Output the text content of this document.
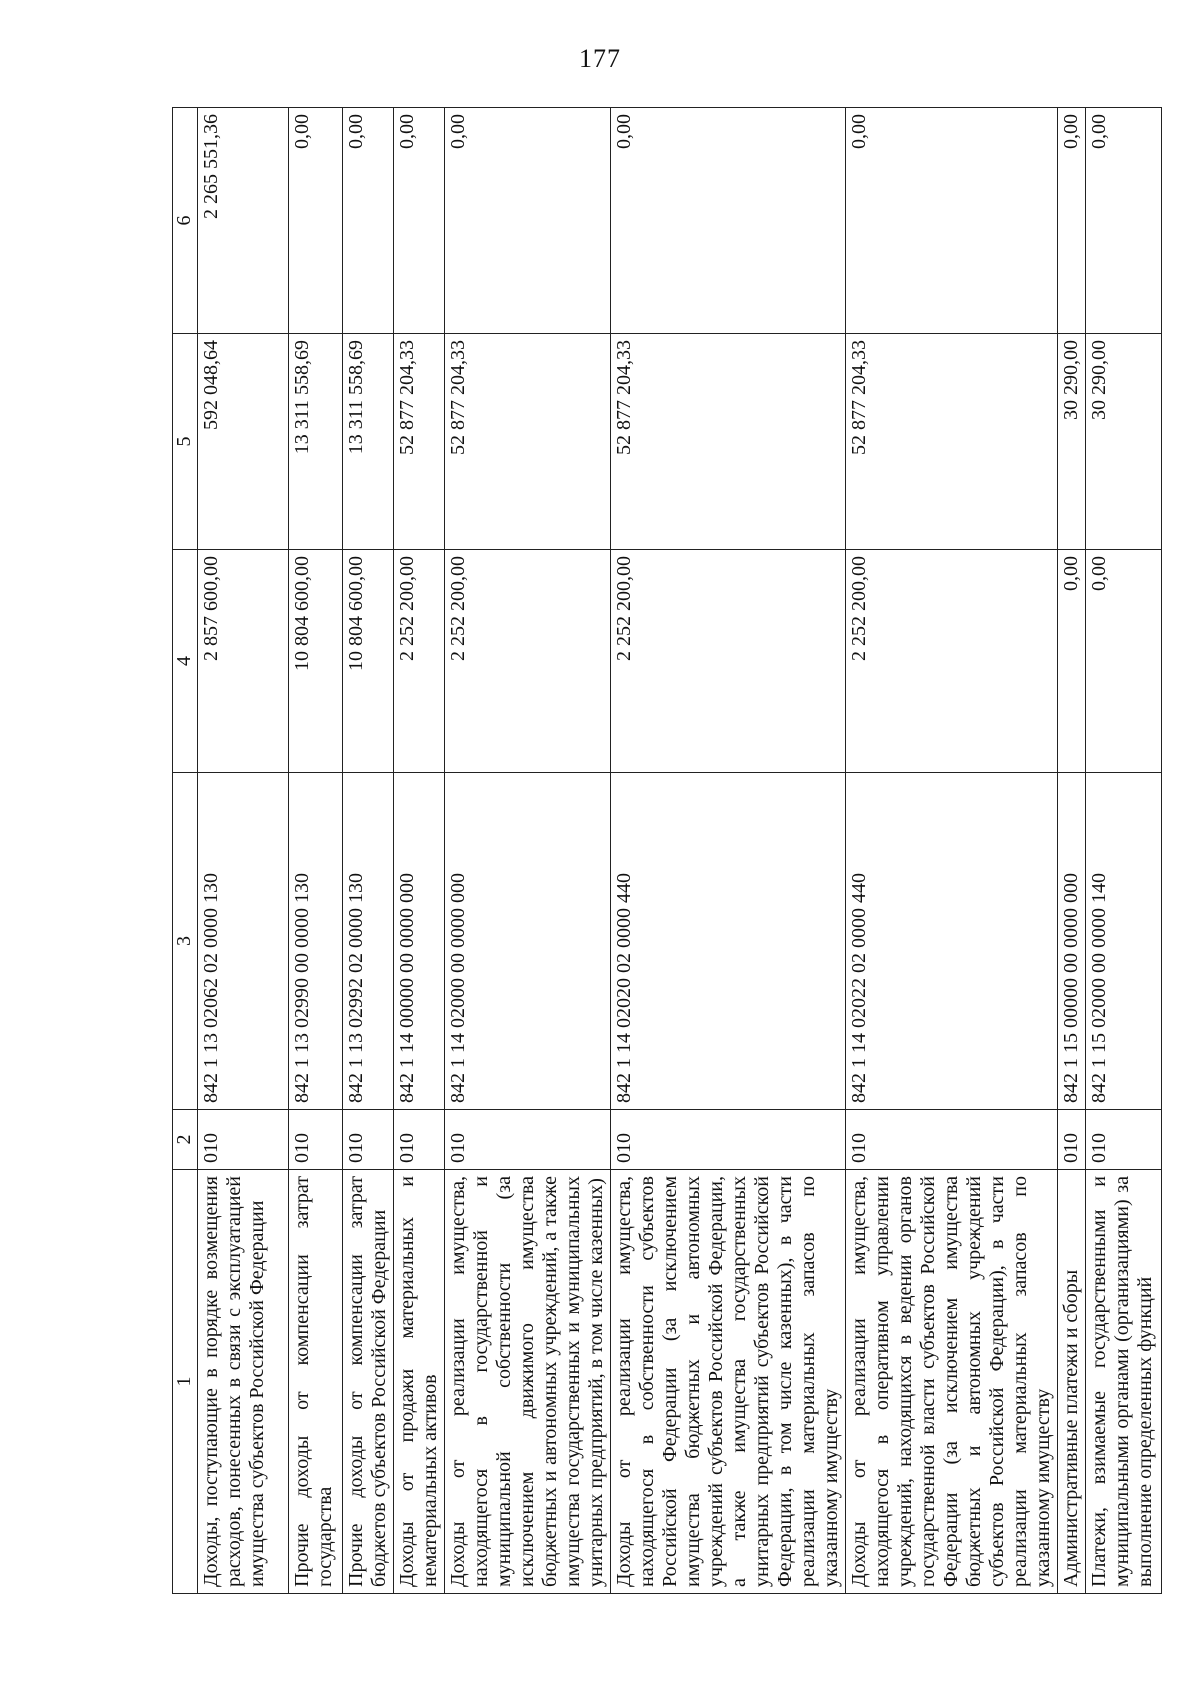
177
1	2	3	4	5	6
Доходы, поступающие в порядке возмещения расходов, понесенных в связи с эксплуатацией имущества субъектов Российской Федерации	010	842 1 13 02062 02 0000 130	2 857 600,00	592 048,64	2 265 551,36
Прочие доходы от компенсации затрат государства	010	842 1 13 02990 00 0000 130	10 804 600,00	13 311 558,69	0,00
Прочие доходы от компенсации затрат бюджетов субъектов Российской Федерации	010	842 1 13 02992 02 0000 130	10 804 600,00	13 311 558,69	0,00
Доходы от продажи материальных и нематериальных активов	010	842 1 14 00000 00 0000 000	2 252 200,00	52 877 204,33	0,00
Доходы от реализации имущества, находящегося в государственной и муниципальной собственности (за исключением движимого имущества бюджетных и автономных учреждений, а также имущества государственных и муниципальных унитарных предприятий, в том числе казенных)	010	842 1 14 02000 00 0000 000	2 252 200,00	52 877 204,33	0,00
Доходы от реализации имущества, находящегося в собственности субъектов Российской Федерации (за исключением имущества бюджетных и автономных учреждений субъектов Российской Федерации, а также имущества государственных унитарных предприятий субъектов Российской Федерации, в том числе казенных), в части реализации материальных запасов по указанному имуществу	010	842 1 14 02020 02 0000 440	2 252 200,00	52 877 204,33	0,00
Доходы от реализации имущества, находящегося в оперативном управлении учреждений, находящихся в ведении органов государственной власти субъектов Российской Федерации (за исключением имущества бюджетных и автономных учреждений субъектов Российской Федерации), в части реализации материальных запасов по указанному имуществу	010	842 1 14 02022 02 0000 440	2 252 200,00	52 877 204,33	0,00
Административные платежи и сборы	010	842 1 15 00000 00 0000 000	0,00	30 290,00	0,00
Платежи, взимаемые государственными и муниципальными органами (организациями) за выполнение определенных функций	010	842 1 15 02000 00 0000 140	0,00	30 290,00	0,00
